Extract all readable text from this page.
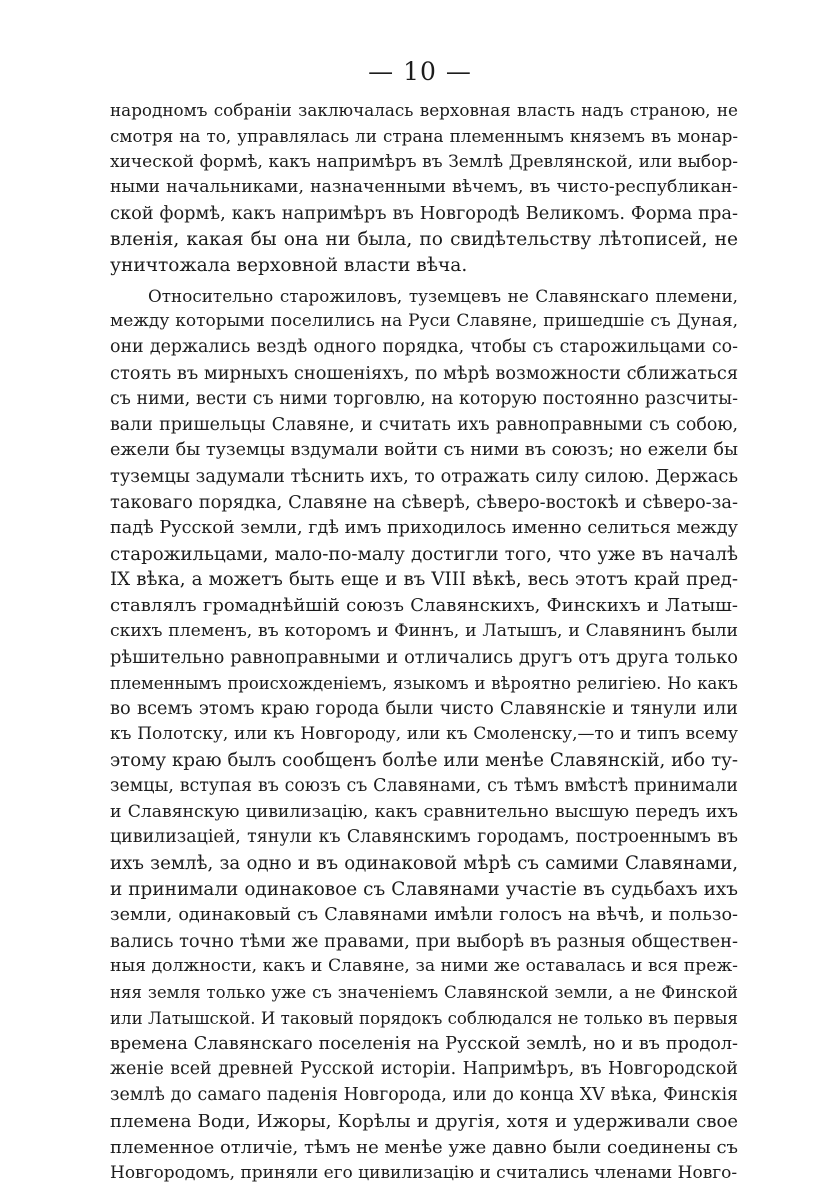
— 10 —

народномъ собраніи заключалась верховная власть надъ страною, не
смотря на то, управлялась ли страна племеннымъ княземъ въ монар-
хической формѣ, какъ напримѣръ въ Землѣ Древлянской, или выбор-
ными начальниками, назначенными вѣчемъ, въ чисто-республикан-
ской формѣ, какъ напримѣръ въ Новгородѣ Великомъ. Форма пра-
вленія, какая бы она ни была, по свидѣтельству лѣтописей, не
уничтожала верховной власти вѣча.

Относительно старожиловъ, туземцевъ не Славянскаго племени,
между которыми поселились на Руси Славяне, пришедшіе съ Дуная,
они держались вездѣ одного порядка, чтобы съ старожильцами со-
стоять въ мирныхъ сношеніяхъ, по мѣрѣ возможности сближаться
съ ними, вести съ ними торговлю, на которую постоянно разсчиты-
вали пришельцы Славяне, и считать ихъ равноправными съ собою,
ежели бы туземцы вздумали войти съ ними въ союзъ; но ежели бы
туземцы задумали тѣснить ихъ, то отражать силу силою. Держась
таковаго порядка, Славяне на сѣверѣ, сѣверо-востокѣ и сѣверо-за-
падѣ Русской земли, гдѣ имъ приходилось именно селиться между
старожильцами, мало-по-малу достигли того, что уже въ началѣ
IX вѣка, а можетъ быть еще и въ VIII вѣкѣ, весь этотъ край пред-
ставлялъ громаднѣйшій союзъ Славянскихъ, Финскихъ и Латыш-
скихъ племенъ, въ которомъ и Финнъ, и Латышъ, и Славянинъ были
рѣшительно равноправными и отличались другъ отъ друга только
племеннымъ происхожденіемъ, языкомъ и вѣроятно религіею. Но какъ
во всемъ этомъ краю города были чисто Славянскіе и тянули или
къ Полотску, или къ Новгороду, или къ Смоленску,—то и типъ всему
этому краю былъ сообщенъ болѣе или менѣе Славянскій, ибо ту-
земцы, вступая въ союзъ съ Славянами, съ тѣмъ вмѣстѣ принимали
и Славянскую цивилизацію, какъ сравнительно высшую передъ ихъ
цивилизаціей, тянули къ Славянскимъ городамъ, построеннымъ въ
ихъ землѣ, за одно и въ одинаковой мѣрѣ съ самими Славянами,
и принимали одинаковое съ Славянами участіе въ судьбахъ ихъ
земли, одинаковый съ Славянами имѣли голосъ на вѣчѣ, и пользо-
вались точно тѣми же правами, при выборѣ въ разныя обществен-
ныя должности, какъ и Славяне, за ними же оставалась и вся преж-
няя земля только уже съ значеніемъ Славянской земли, а не Финской
или Латышской. И таковый порядокъ соблюдался не только въ первыя
времена Славянскаго поселенія на Русской землѣ, но и въ продол-
женіе всей древней Русской исторіи. Напримѣръ, въ Новгородской
землѣ до самаго паденія Новгорода, или до конца XV вѣка, Финскія
племена Води, Ижоры, Корѣлы и другія, хотя и удерживали свое
племенное отличіе, тѣмъ не менѣе уже давно были соединены съ
Новгородомъ, приняли его цивилизацію и считались членами Новго-
